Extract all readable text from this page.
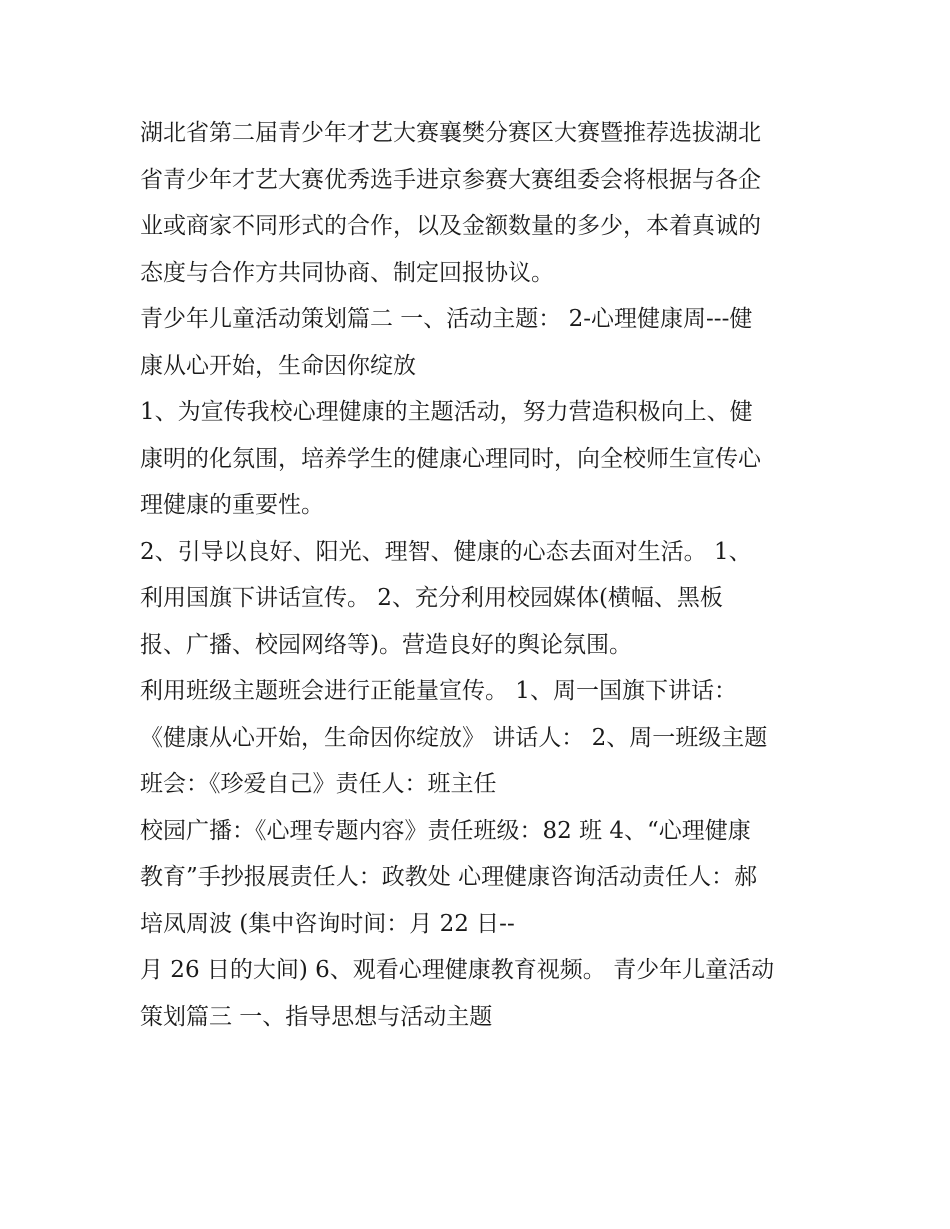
湖北省第二届青少年才艺大赛襄樊分赛区大赛暨推荐选拔湖北
省青少年才艺大赛优秀选手进京参赛大赛组委会将根据与各企
业或商家不同形式的合作，以及金额数量的多少，本着真诚的
态度与合作方共同协商、制定回报协议。
青少年儿童活动策划篇二 一、活动主题： 2-心理健康周---健
康从心开始，生命因你绽放
1、为宣传我校心理健康的主题活动，努力营造积极向上、健
康明的化氛围，培养学生的健康心理同时，向全校师生宣传心
理健康的重要性。
2、引导以良好、阳光、理智、健康的心态去面对生活。 1、
利用国旗下讲话宣传。 2、充分利用校园媒体(横幅、黑板
报、广播、校园网络等)。营造良好的舆论氛围。
利用班级主题班会进行正能量宣传。 1、周一国旗下讲话：
《健康从心开始，生命因你绽放》 讲话人： 2、周一班级主题
班会：《珍爱自己》责任人：班主任
校园广播：《心理专题内容》责任班级：82 班 4、“心理健康
教育”手抄报展责任人：政教处 心理健康咨询活动责任人：郝
培凤周波 (集中咨询时间：月 22 日--
月 26 日的大间) 6、观看心理健康教育视频。 青少年儿童活动
策划篇三 一、指导思想与活动主题
